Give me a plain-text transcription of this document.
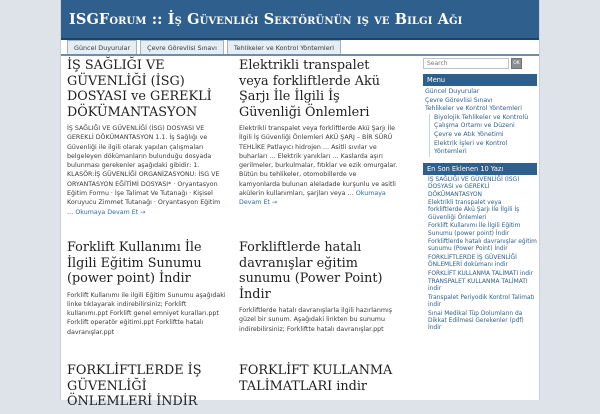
ISGForum :: İş Güvenliği Sektörünün iş ve Bilgi Ağı
Güncel Duyurular	Çevre Görevlisi Sınavı	Tehlikeler ve Kontrol Yöntemleri
İŞ SAĞLIĞI VE GÜVENLİĞİ (İSG) DOSYASI ve GEREKLİ DÖKÜMANTASYON
İŞ SAĞLIĞI VE GÜVENLİĞİ (İSG) DOSYASI VE GEREKLİ DÖKÜMANTASYON 1.1. İş Sağlığı ve Güvenliği ile ilgili olarak yapılan çalışmaları belgeleyen dökümanların bulunduğu dosyada bulunması gerekenler aşağıdaki gibidir: 1. KLASÖR:İŞ GÜVENLİĞİ ORGANİZASYONU: İSG VE ORYANTASYON EĞİTİMİ DOSYASI* · Oryantasyon Eğitim Formu · İşe Talimat Ve Tutanağı · Kişisel Koruyucu Zimmet Tutanağı · Oryantasyon Eğitim … Okumaya Devam Et →
Elektrikli transpalet veya forkliftlerde Akü Şarjı İle İlgili İş Güvenliği Önlemleri
Elektrikli transpalet veya forkliftlerde Akü Şarjı İle İlgili İş Güvenliği Önlemleri AKÜ ŞARJ – BİR SÜRÜ TEHLİKE Patlayıcı hidrojen … Asitli sıvılar ve buharları … Elektrik yanıkları … Kaslarda aşırı gerilmeler, burkulmalar, fıtıklar ve ezik omurgalar. Bütün bu tehlikeler, otomobillerde ve kamyonlarda bulunan aleladade kurşunlu ve asitli akülerin kullanımları, şarjları veya … Okumaya Devam Et →
Forklift Kullanımı İle İlgili Eğitim Sunumu (power point) İndir
Forklift Kullanımı ile ilgili Eğitim Sunumu aşağıdaki linke tıklayarak indirebilirsiniz; Forklift kullanımı.ppt Forklift genel emniyet kuralları.ppt Forklift operatör eğitimi.ppt Forkliftte hatalı davranışlar.ppt
Forkliftlerde hatalı davranışlar eğitim sunumu (Power Point) İndir
Forkliftlerde hatalı davranışlarla ilgili hazırlanmış güzel bir sunum. Aşağıdaki linkten bu sunumu indirebilirsiniz; Forkliftte hatalı davranışlar.ppt
FORKLİFTLERDE İŞ GÜVENLİĞİ ÖNLEMLERİ İNDİR
FORKLİFT KULLANMA TALİMATLARI indir
Search
OK
Menu
Güncel Duyurular
Çevre Görevlisi Sınavı
Tehlikeler ve Kontrol Yöntemleri
Biyolojik Tehlikeler ve Kontrolü
Çalışma Ortamı ve Düzeni
Çevre ve Atık Yönetimi
Elektrik İşleri ve Kontrol Yöntemleri
En Son Eklenen 10 Yazı
İŞ SAĞLIĞI VE GÜVENLİĞİ (İSG) DOSYASI ve GEREKLİ DÖKÜMANTASYON
Elektrikli transpalet veya forkliftlerde Akü Şarjı İle İlgili İş Güvenliği Önlemleri
Forklift Kullanımı İle İlgili Eğitim Sunumu (power point) İndir
Forkliftlerde hatalı davranışlar eğitim sunumu (Power Point) İndir
FORKLİFTLERDE İŞ GÜVENLİĞİ ÖNLEMLERİ dokümanı indir
FORKLİFT KULLANMA TALİMATI indir
TRANSPALET KULLANMA TALİMATI indir
Transpalet Periyodik Kontrol Talimatı indir
Sınai Medikal Tüp Dolumların da Dikkat Edilmesi Gerekenler (pdf) İndir
